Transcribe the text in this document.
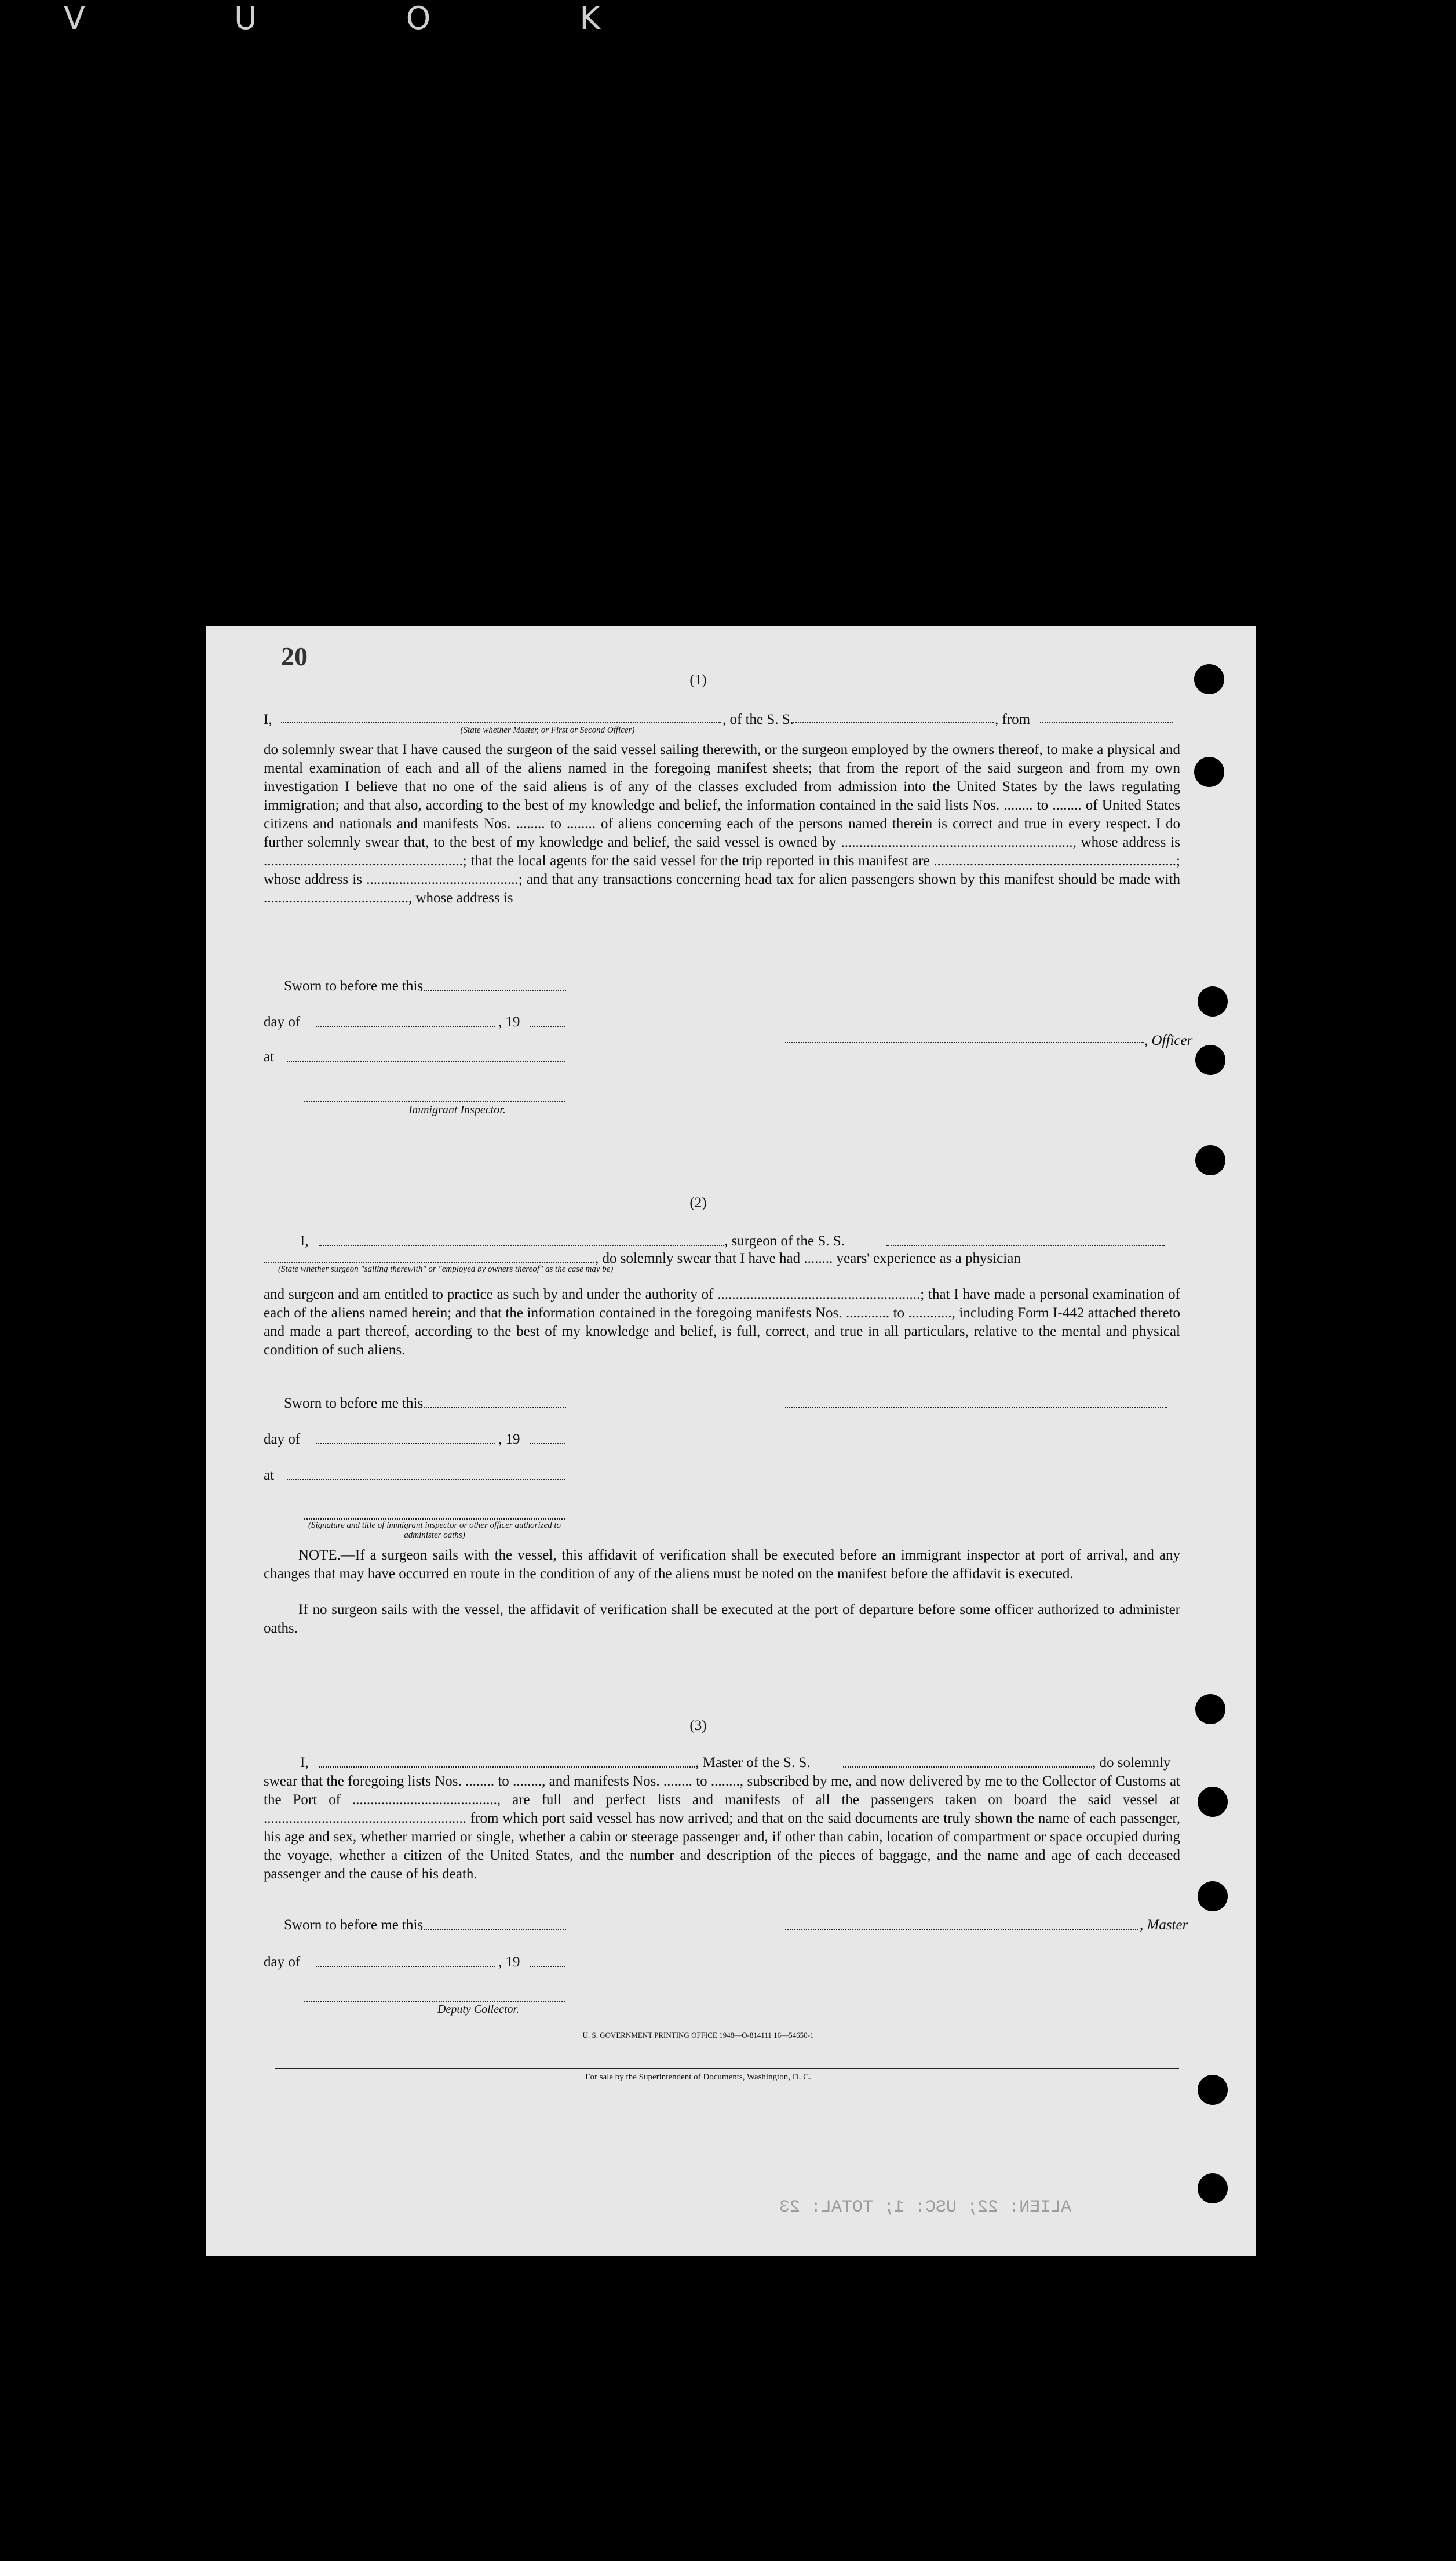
V U O K
20
(1)
I,	, of the S. S.	, from
(State whether Master, or First or Second Officer)
do solemnly swear that I have caused the surgeon of the said vessel sailing therewith, or the surgeon employed by the owners thereof, to make a physical and mental examination of each and all of the aliens named in the foregoing manifest sheets; that from the report of the said surgeon and from my own investigation I believe that no one of the said aliens is of any of the classes excluded from admission into the United States by the laws regulating immigration; and that also, according to the best of my knowledge and belief, the information contained in the said lists Nos. ........ to ........ of United States citizens and nationals and manifests Nos. ........ to ........ of aliens concerning each of the persons named therein is correct and true in every respect. I do further solemnly swear that, to the best of my knowledge and belief, the said vessel is owned by ................................................................, whose address is .......................................................; that the local agents for the said vessel for the trip reported in this manifest are ...................................................................; whose address is ..........................................; and that any transactions concerning head tax for alien passengers shown by this manifest should be made with ........................................, whose address is
Sworn to before me this
day of	, 19
at
Immigrant Inspector.
, Officer
(2)
I,	, surgeon of the S. S.
(State whether surgeon "sailing therewith" or "employed by owners thereof" as the case may be)
, do solemnly swear that I have had ........ years' experience as a physician
and surgeon and am entitled to practice as such by and under the authority of ........................................................; that I have made a personal examination of each of the aliens named herein; and that the information contained in the foregoing manifests Nos. ............ to ............, including Form I-442 attached thereto and made a part thereof, according to the best of my knowledge and belief, is full, correct, and true in all particulars, relative to the mental and physical condition of such aliens.
Sworn to before me this
day of	, 19
at
(Signature and title of immigrant inspector or other officer authorized to administer oaths)
NOTE.—If a surgeon sails with the vessel, this affidavit of verification shall be executed before an immigrant inspector at port of arrival, and any changes that may have occurred en route in the condition of any of the aliens must be noted on the manifest before the affidavit is executed.
If no surgeon sails with the vessel, the affidavit of verification shall be executed at the port of departure before some officer authorized to administer oaths.
(3)
I,	, Master of the S. S.	, do solemnly
swear that the foregoing lists Nos. ........ to ........, and manifests Nos. ........ to ........, subscribed by me, and now delivered by me to the Collector of Customs at the Port of ........................................, are full and perfect lists and manifests of all the passengers taken on board the said vessel at ........................................................ from which port said vessel has now arrived; and that on the said documents are truly shown the name of each passenger, his age and sex, whether married or single, whether a cabin or steerage passenger and, if other than cabin, location of compartment or space occupied during the voyage, whether a citizen of the United States, and the number and description of the pieces of baggage, and the name and age of each deceased passenger and the cause of his death.
Sworn to before me this	, Master
day of	, 19
Deputy Collector.
U. S. GOVERNMENT PRINTING OFFICE 1948—O-814111 16—54650-1
For sale by the Superintendent of Documents, Washington, D. C.
ALIEN: 22; USC: 1; TOTAL: 23
